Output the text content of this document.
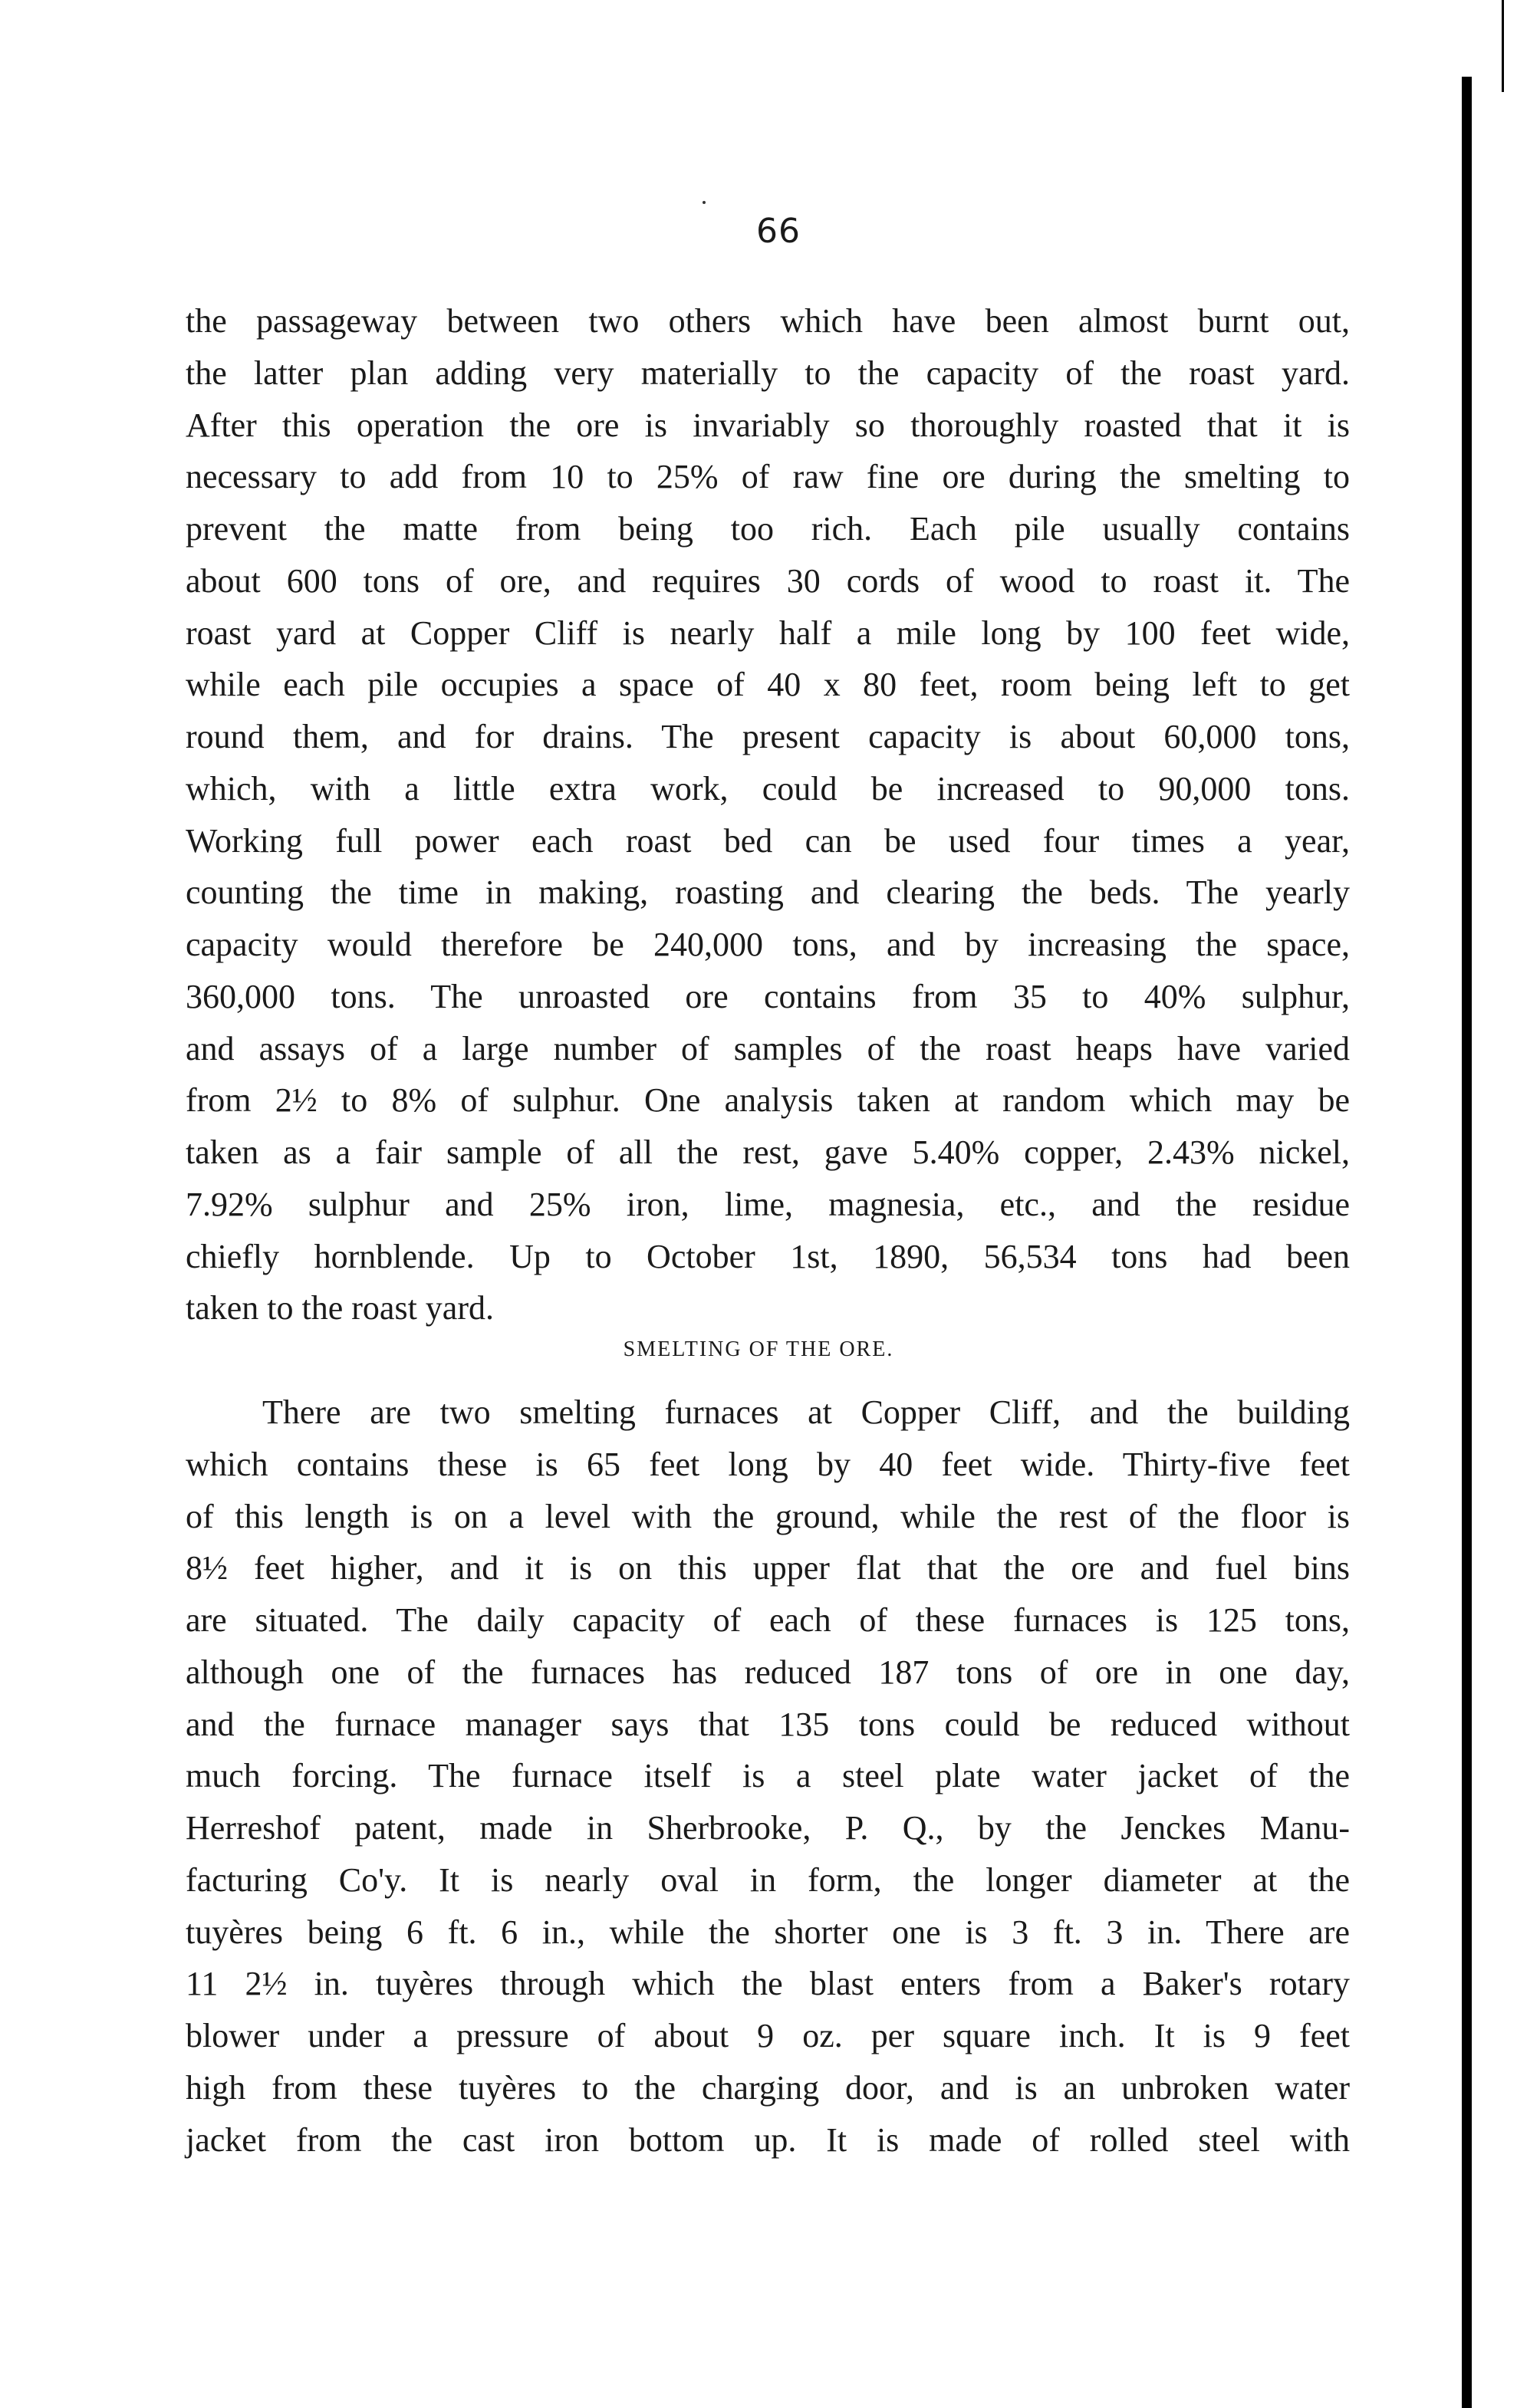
66
the passageway between two others which have been almost burnt out,
the latter plan adding very materially to the capacity of the roast yard.
After this operation the ore is invariably so thoroughly roasted that it is
necessary to add from 10 to 25% of raw fine ore during the smelting to
prevent the matte from being too rich. Each pile usually contains
about 600 tons of ore, and requires 30 cords of wood to roast it. The
roast yard at Copper Cliff is nearly half a mile long by 100 feet wide,
while each pile occupies a space of 40 x 80 feet, room being left to get
round them, and for drains. The present capacity is about 60,000 tons,
which, with a little extra work, could be increased to 90,000 tons.
Working full power each roast bed can be used four times a year,
counting the time in making, roasting and clearing the beds. The yearly
capacity would therefore be 240,000 tons, and by increasing the space,
360,000 tons. The unroasted ore contains from 35 to 40% sulphur,
and assays of a large number of samples of the roast heaps have varied
from 2½ to 8% of sulphur. One analysis taken at random which may be
taken as a fair sample of all the rest, gave 5.40% copper, 2.43% nickel,
7.92% sulphur and 25% iron, lime, magnesia, etc., and the residue
chiefly hornblende. Up to October 1st, 1890, 56,534 tons had been
taken to the roast yard.
SMELTING OF THE ORE.
There are two smelting furnaces at Copper Cliff, and the building
which contains these is 65 feet long by 40 feet wide. Thirty-five feet
of this length is on a level with the ground, while the rest of the floor is
8½ feet higher, and it is on this upper flat that the ore and fuel bins
are situated. The daily capacity of each of these furnaces is 125 tons,
although one of the furnaces has reduced 187 tons of ore in one day,
and the furnace manager says that 135 tons could be reduced without
much forcing. The furnace itself is a steel plate water jacket of the
Herreshof patent, made in Sherbrooke, P. Q., by the Jenckes Manu-
facturing Co'y. It is nearly oval in form, the longer diameter at the
tuyères being 6 ft. 6 in., while the shorter one is 3 ft. 3 in. There are
11 2½ in. tuyères through which the blast enters from a Baker's rotary
blower under a pressure of about 9 oz. per square inch. It is 9 feet
high from these tuyères to the charging door, and is an unbroken water
jacket from the cast iron bottom up. It is made of rolled steel with
